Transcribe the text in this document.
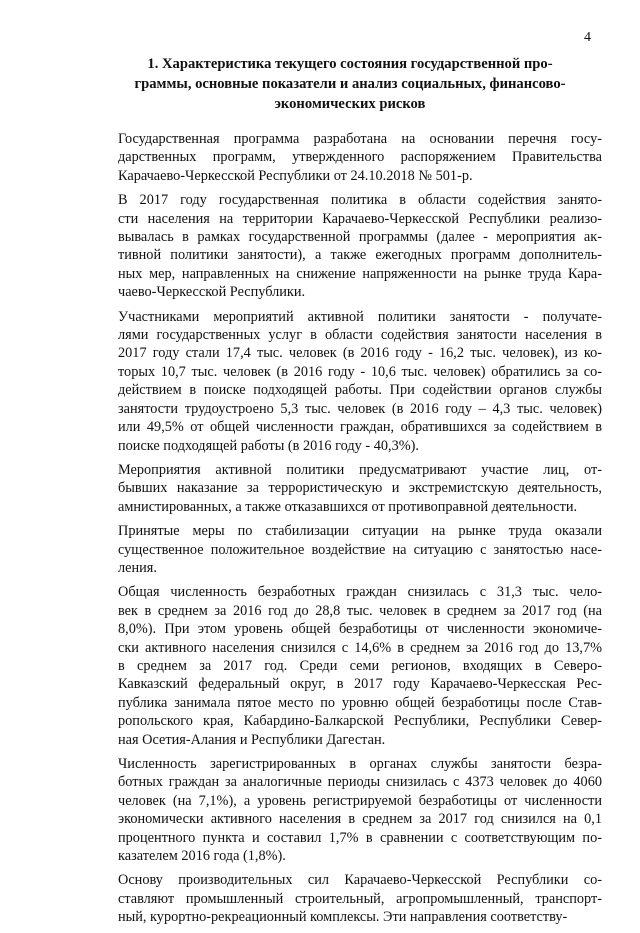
4
1. Характеристика текущего состояния государственной про-
граммы, основные показатели и анализ социальных, финансово-
экономических рисков

Государственная программа разработана на основании перечня госу-
дарственных программ, утвержденного распоряжением Правительства
Карачаево-Черкесской Республики от 24.10.2018 № 501-р.

В 2017 году государственная политика в области содействия занято-
сти населения на территории Карачаево-Черкесской Республики реализо-
вывалась в рамках государственной программы (далее - мероприятия ак-
тивной политики занятости), а также ежегодных программ дополнитель-
ных мер, направленных на снижение напряженности на рынке труда Кара-
чаево-Черкесской Республики.

Участниками мероприятий активной политики занятости - получате-
лями государственных услуг в области содействия занятости населения в
2017 году стали 17,4 тыс. человек (в 2016 году - 16,2 тыс. человек), из ко-
торых 10,7 тыс. человек (в 2016 году - 10,6 тыс. человек) обратились за со-
действием в поиске подходящей работы. При содействии органов службы
занятости трудоустроено 5,3 тыс. человек (в 2016 году – 4,3 тыс. человек)
или 49,5% от общей численности граждан, обратившихся за содействием в
поиске подходящей работы (в 2016 году - 40,3%).

Мероприятия активной политики предусматривают участие лиц, от-
бывших наказание за террористическую и экстремистскую деятельность,
амнистированных, а также отказавшихся от противоправной деятельности.

Принятые меры по стабилизации ситуации на рынке труда оказали
существенное положительное воздействие на ситуацию с занятостью насе-
ления.

Общая численность безработных граждан снизилась с 31,3 тыс. чело-
век в среднем за 2016 год до 28,8 тыс. человек в среднем за 2017 год (на
8,0%). При этом уровень общей безработицы от численности экономиче-
ски активного населения снизился с 14,6% в среднем за 2016 год до 13,7%
в среднем за 2017 год. Среди семи регионов, входящих в Северо-
Кавказский федеральный округ, в 2017 году Карачаево-Черкесская Рес-
публика занимала пятое место по уровню общей безработицы после Став-
ропольского края, Кабардино-Балкарской Республики, Республики Север-
ная Осетия-Алания и Республики Дагестан.

Численность зарегистрированных в органах службы занятости безра-
ботных граждан за аналогичные периоды снизилась с 4373 человек до 4060
человек (на 7,1%), а уровень регистрируемой безработицы от численности
экономически активного населения в среднем за 2017 год снизился на 0,1
процентного пункта и составил 1,7% в сравнении с соответствующим по-
казателем 2016 года (1,8%).

Основу производительных сил Карачаево-Черкесской Республики со-
ставляют промышленный строительный, агропромышленный, транспорт-
ный, курортно-рекреационный комплексы. Эти направления соответству-
